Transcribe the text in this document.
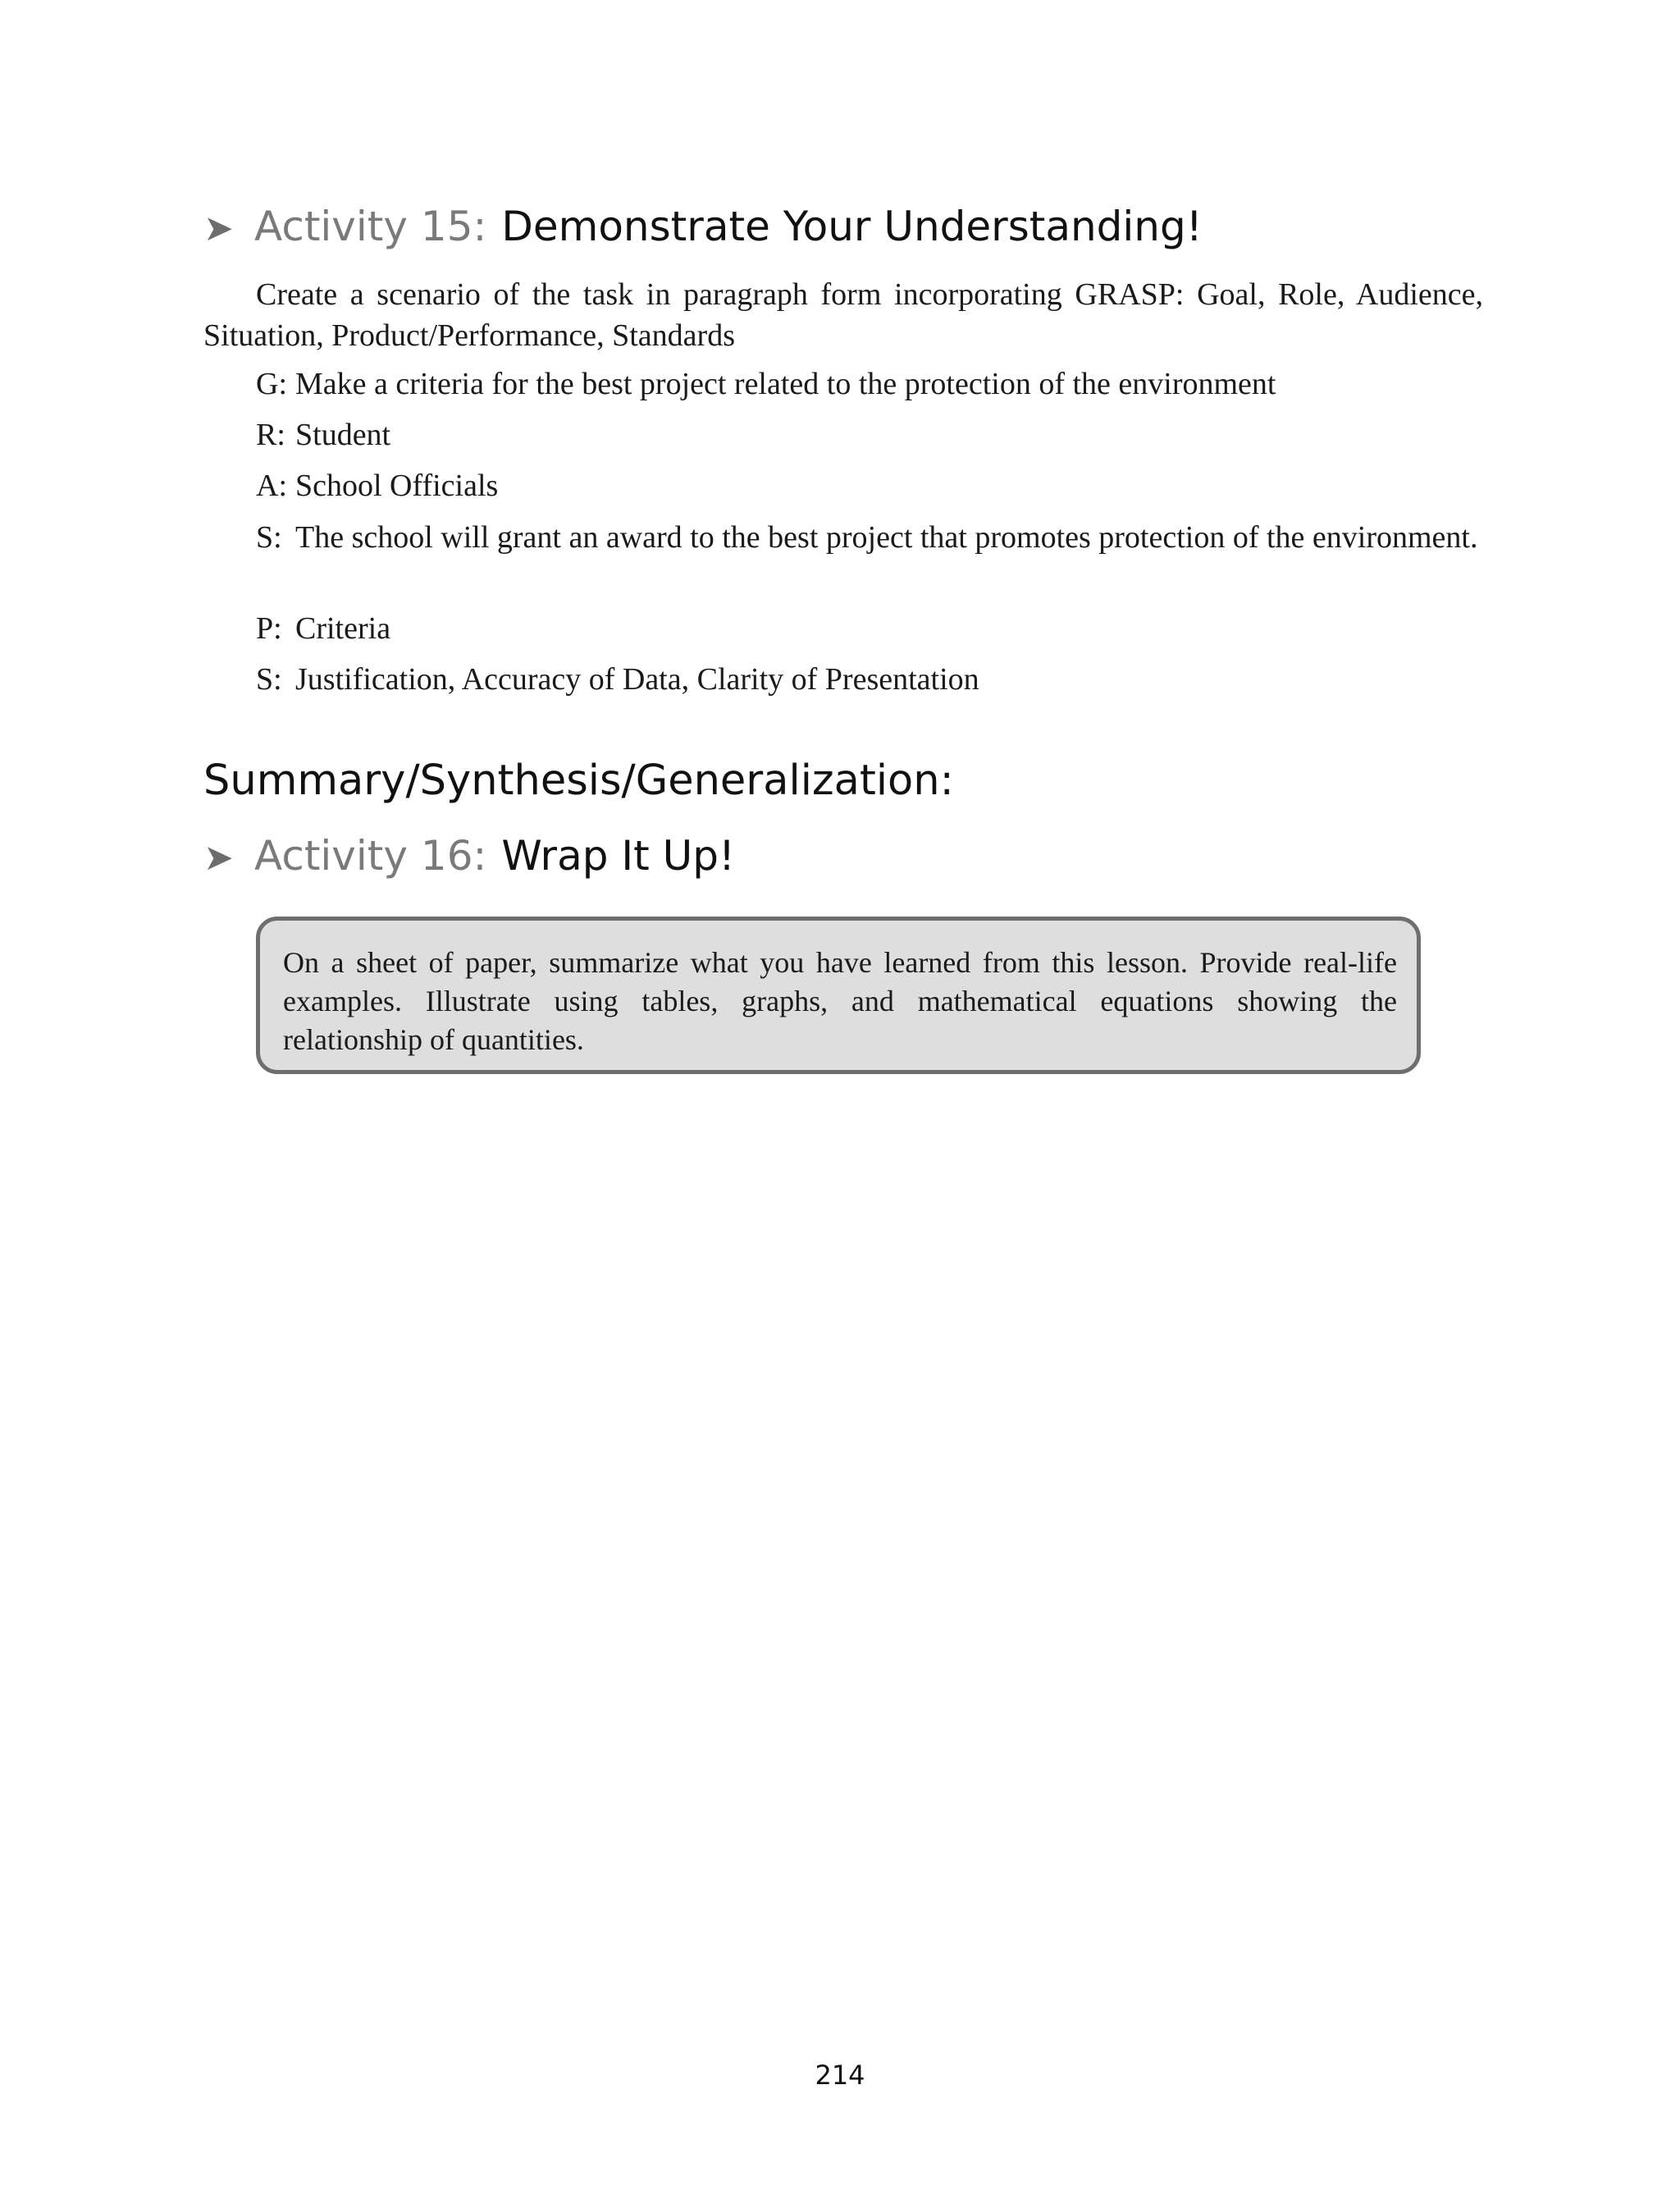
➤ Activity 15: Demonstrate Your Understanding!

Create a scenario of the task in paragraph form incorporating GRASP: Goal, Role, Audience, Situation, Product/Performance, Standards

G: Make a criteria for the best project related to the protection of the environment
R: Student
A: School Officials
S: The school will grant an award to the best project that promotes protection of the environment.
P: Criteria
S: Justification, Accuracy of Data, Clarity of Presentation
Summary/Synthesis/Generalization:
➤ Activity 16: Wrap It Up!
On a sheet of paper, summarize what you have learned from this lesson. Provide real-life examples. Illustrate using tables, graphs, and mathematical equations showing the relationship of quantities.
214
